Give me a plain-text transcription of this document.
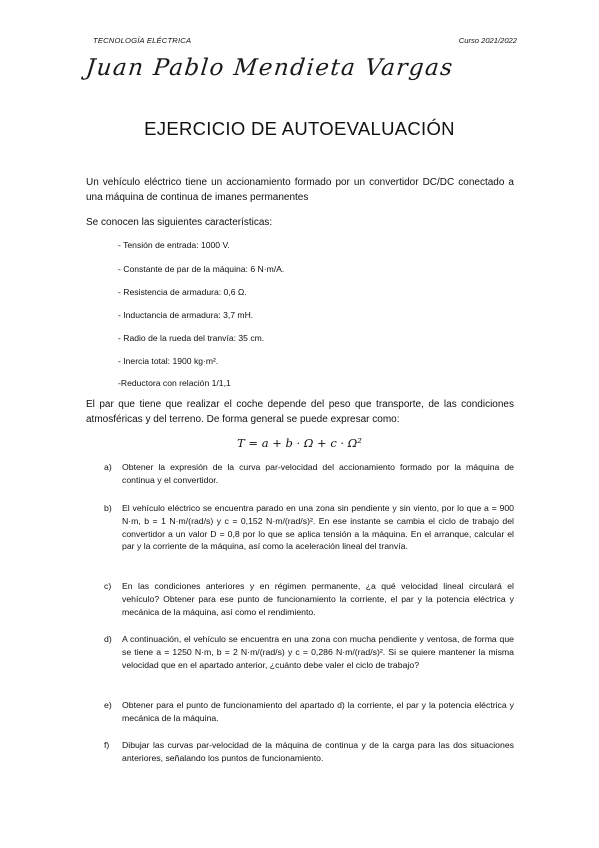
TECNOLOGÍA ELÉCTRICA	Curso 2021/2022
Juan Pablo Mendieta Vargas
EJERCICIO DE AUTOEVALUACIÓN
Un vehículo eléctrico tiene un accionamiento formado por un convertidor DC/DC conectado a una máquina de continua de imanes permanentes
Se conocen las siguientes características:
- Tensión de entrada: 1000 V.
- Constante de par de la máquina: 6 N·m/A.
- Resistencia de armadura: 0,6 Ω.
- Inductancia de armadura: 3,7 mH.
- Radio de la rueda del tranvía: 35 cm.
- Inercia total: 1900 kg·m².
-Reductora con relación 1/1,1
El par que tiene que realizar el coche depende del peso que transporte, de las condiciones atmosféricas y del terreno. De forma general se puede expresar como:
T = a + b · Ω + c · Ω²
a) Obtener la expresión de la curva par-velocidad del accionamiento formado por la máquina de continua y el convertidor.
b) El vehículo eléctrico se encuentra parado en una zona sin pendiente y sin viento, por lo que a = 900 N·m, b = 1 N·m/(rad/s) y c = 0,152 N·m/(rad/s)². En ese instante se cambia el ciclo de trabajo del convertidor a un valor D = 0,8 por lo que se aplica tensión a la máquina. En el arranque, calcular el par y la corriente de la máquina, así como la aceleración lineal del tranvía.
c) En las condiciones anteriores y en régimen permanente, ¿a qué velocidad lineal circulará el vehículo? Obtener para ese punto de funcionamiento la corriente, el par y la potencia eléctrica y mecánica de la máquina, así como el rendimiento.
d) A continuación, el vehículo se encuentra en una zona con mucha pendiente y ventosa, de forma que se tiene a = 1250 N·m, b = 2 N·m/(rad/s) y c = 0,286 N·m/(rad/s)². Si se quiere mantener la misma velocidad que en el apartado anterior, ¿cuánto debe valer el ciclo de trabajo?
e) Obtener para el punto de funcionamiento del apartado d) la corriente, el par y la potencia eléctrica y mecánica de la máquina.
f) Dibujar las curvas par-velocidad de la máquina de continua y de la carga para las dos situaciones anteriores, señalando los puntos de funcionamiento.
